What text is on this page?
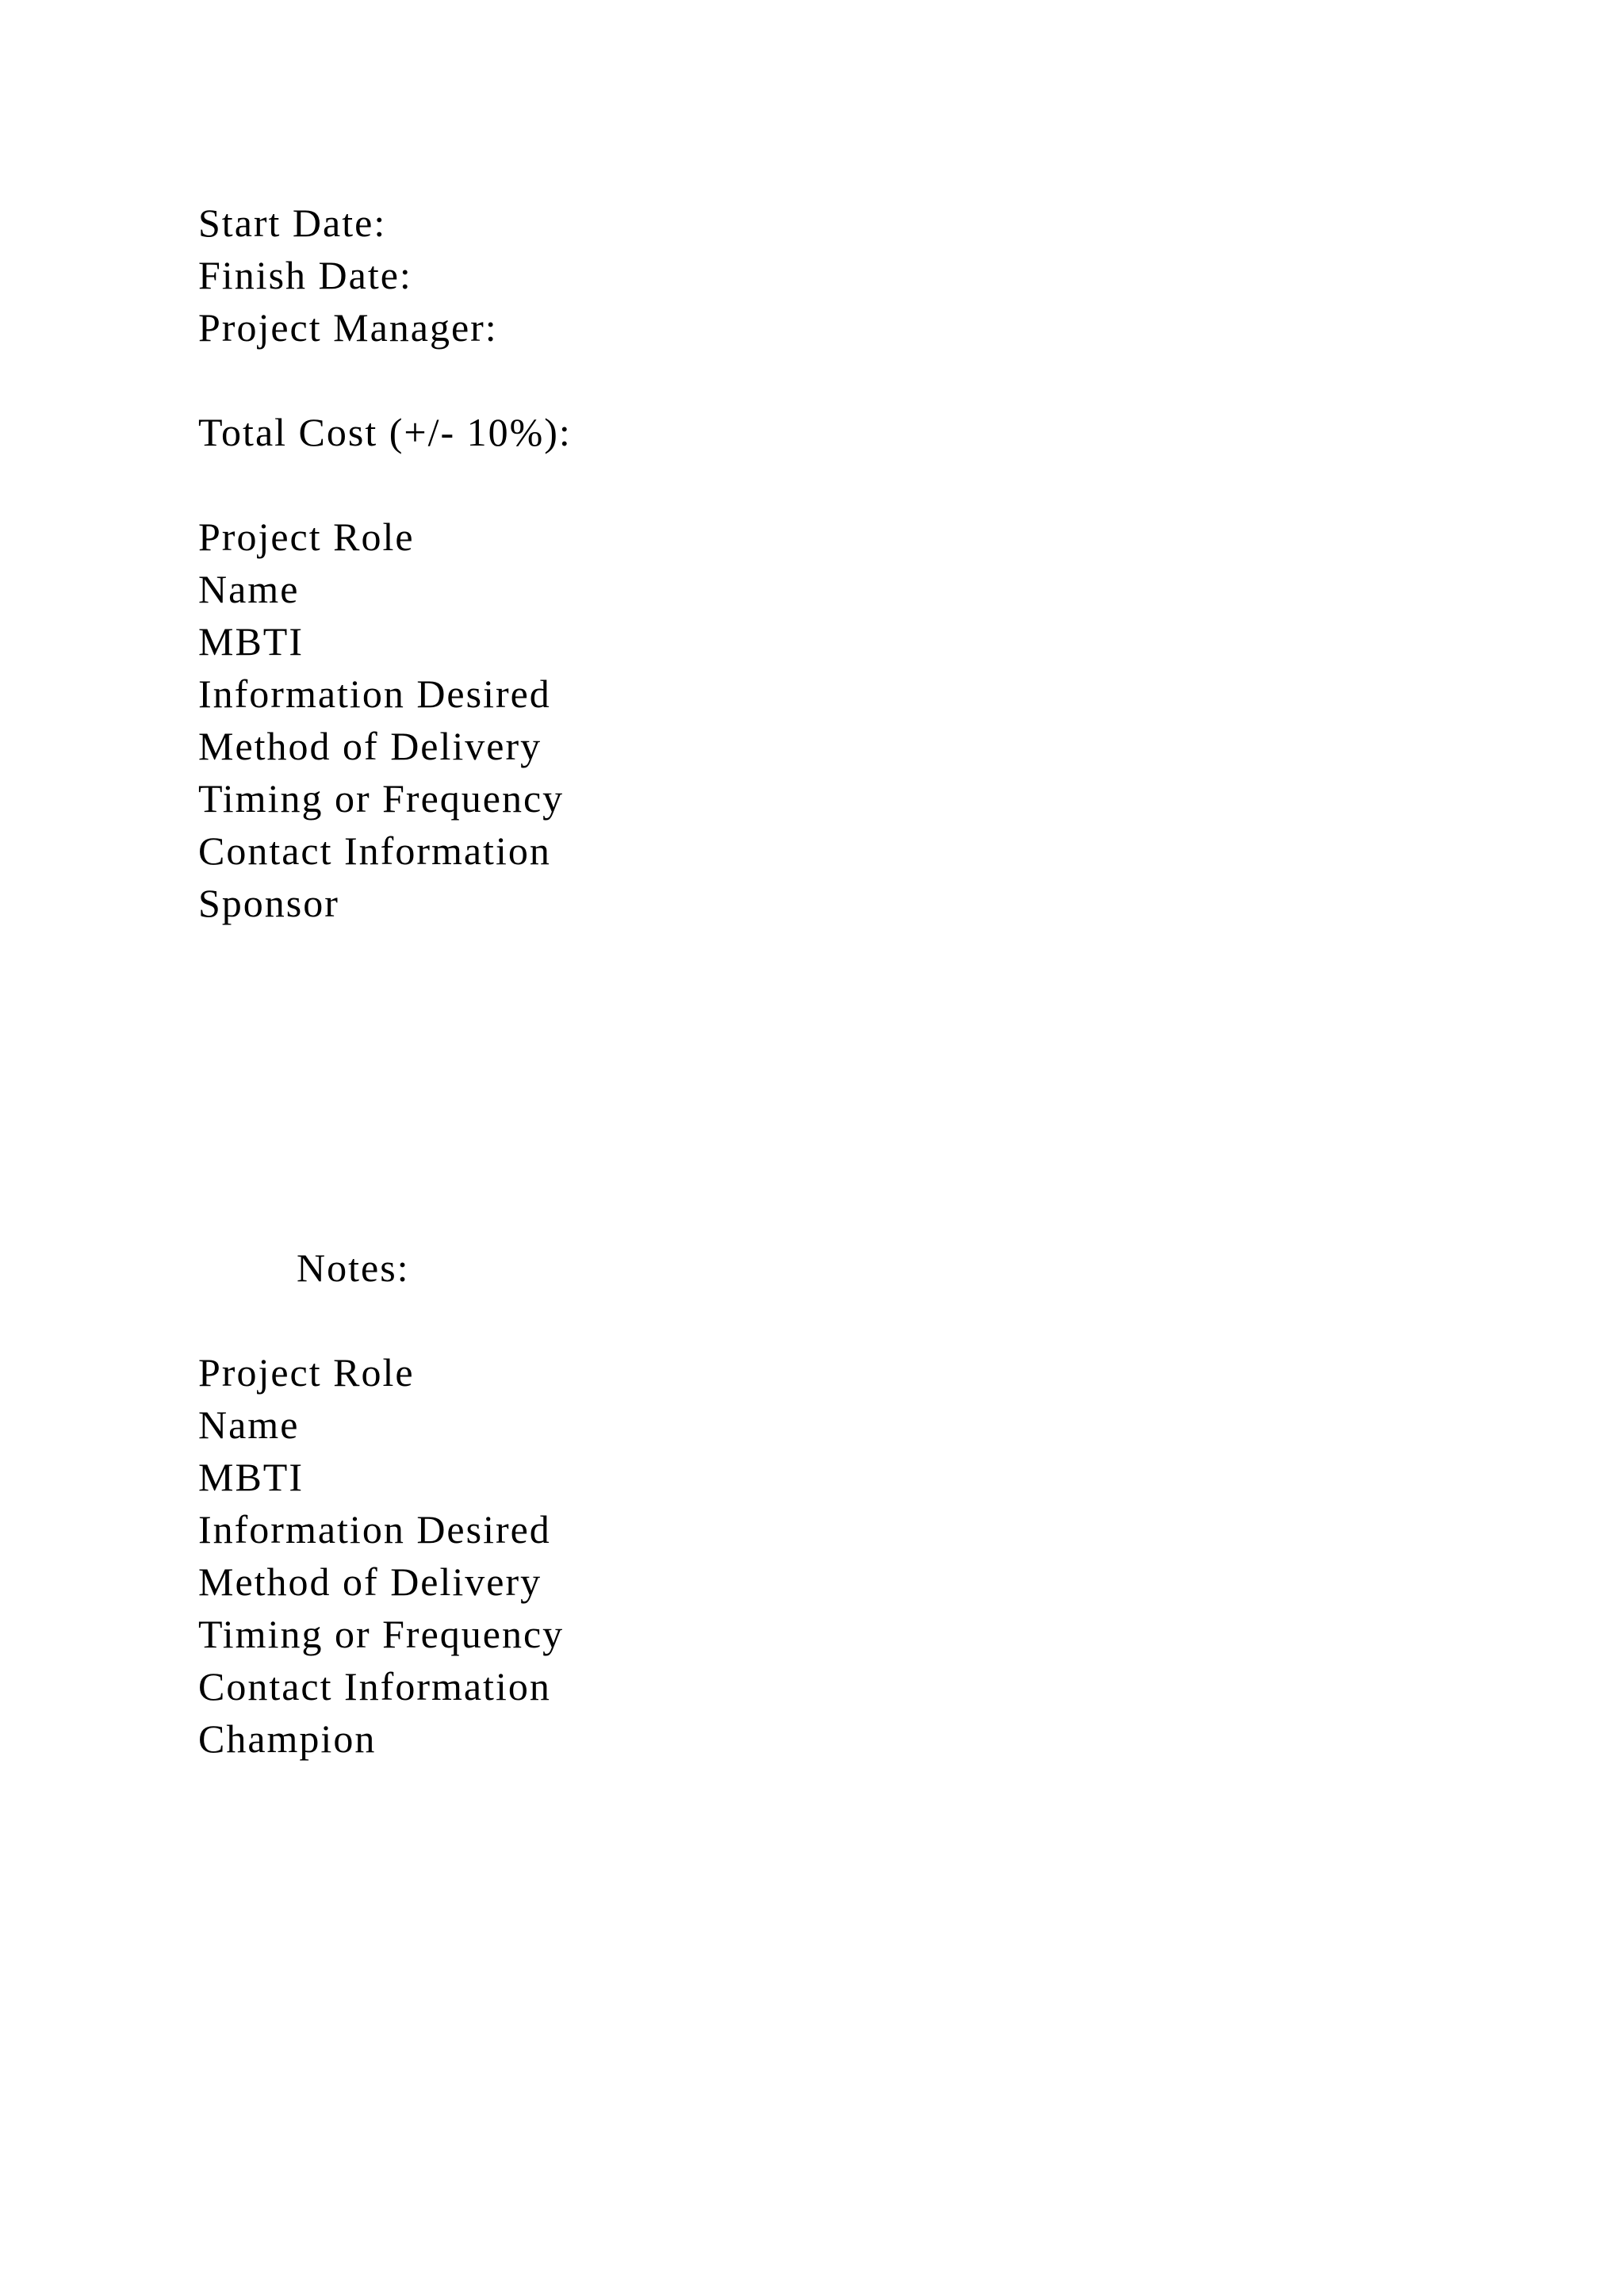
Start Date:
Finish Date:
Project Manager:
Total Cost (+/- 10%):
Project Role
Name
MBTI
Information Desired
Method of Delivery
Timing or Frequency
Contact Information
Sponsor
Notes:
Project Role
Name
MBTI
Information Desired
Method of Delivery
Timing or Frequency
Contact Information
Champion
